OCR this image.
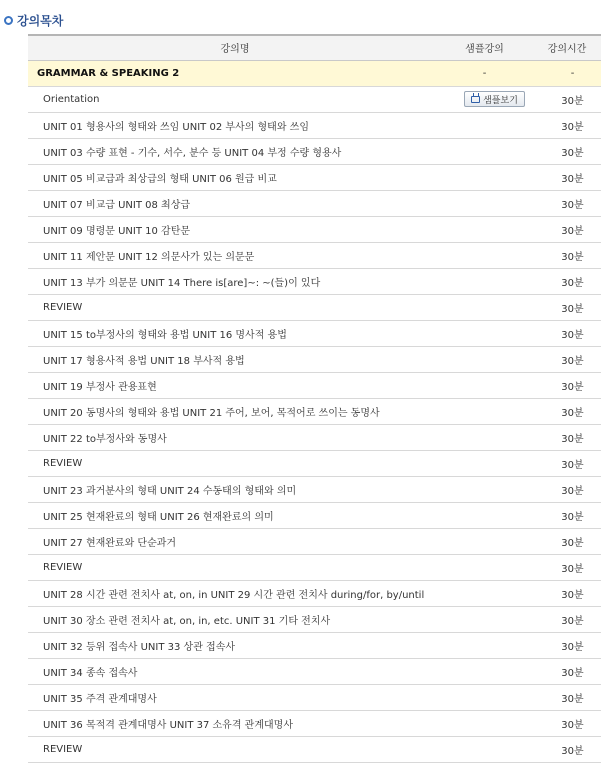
강의목차
강의명	샘플강의	강의시간
GRAMMAR & SPEAKING 2	-	-
Orientation	샘플보기	30분
UNIT 01 형용사의 형태와 쓰임 UNIT 02 부사의 형태와 쓰임		30분
UNIT 03 수량 표현 - 기수, 서수, 분수 등 UNIT 04 부정 수량 형용사		30분
UNIT 05 비교급과 최상급의 형태 UNIT 06 원급 비교		30분
UNIT 07 비교급 UNIT 08 최상급		30분
UNIT 09 명령문 UNIT 10 감탄문		30분
UNIT 11 제안문 UNIT 12 의문사가 있는 의문문		30분
UNIT 13 부가 의문문 UNIT 14 There is[are]~: ~(들)이 있다		30분
REVIEW		30분
UNIT 15 to부정사의 형태와 용법 UNIT 16 명사적 용법		30분
UNIT 17 형용사적 용법 UNIT 18 부사적 용법		30분
UNIT 19 부정사 관용표현		30분
UNIT 20 동명사의 형태와 용법 UNIT 21 주어, 보어, 목적어로 쓰이는 동명사		30분
UNIT 22 to부정사와 동명사		30분
REVIEW		30분
UNIT 23 과거분사의 형태 UNIT 24 수동태의 형태와 의미		30분
UNIT 25 현재완료의 형태 UNIT 26 현재완료의 의미		30분
UNIT 27 현재완료와 단순과거		30분
REVIEW		30분
UNIT 28 시간 관련 전치사 at, on, in UNIT 29 시간 관련 전치사 during/for, by/until		30분
UNIT 30 장소 관련 전치사 at, on, in, etc. UNIT 31 기타 전치사		30분
UNIT 32 등위 접속사 UNIT 33 상관 접속사		30분
UNIT 34 종속 접속사		30분
UNIT 35 주격 관계대명사		30분
UNIT 36 목적격 관계대명사 UNIT 37 소유격 관계대명사		30분
REVIEW		30분
